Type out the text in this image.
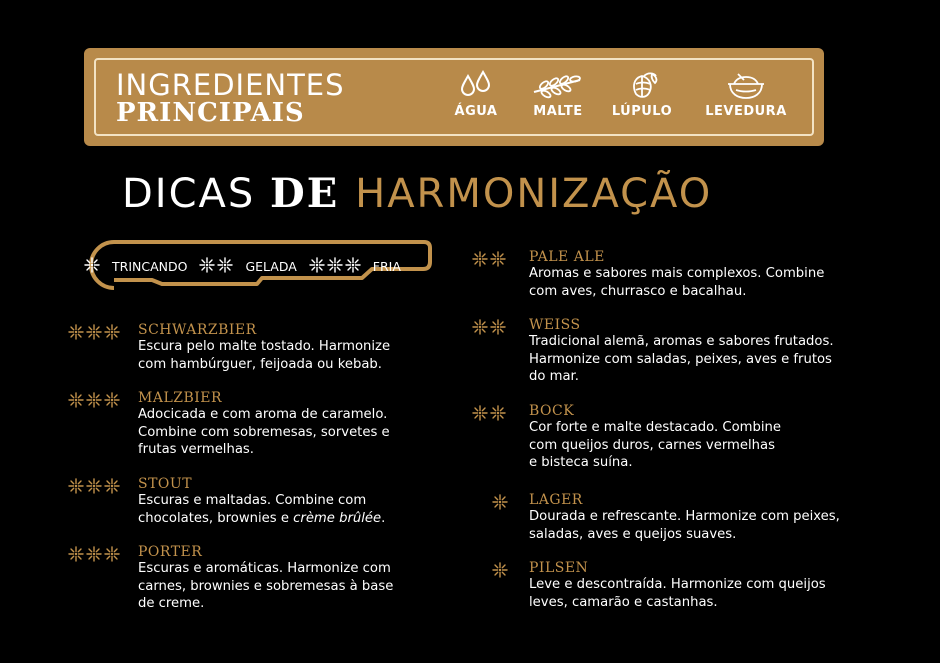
INGREDIENTES
PRINCIPAIS	ÁGUA	MALTE	LÚPULO	LEVEDURA
DICAS DE HARMONIZAÇÃO
TRINCANDO	GELADA	FRIA
SCHWARZBIER
Escura pelo malte tostado. Harmonize
com hambúrguer, feijoada ou kebab.
MALZBIER
Adocicada e com aroma de caramelo.
Combine com sobremesas, sorvetes e
frutas vermelhas.
STOUT
Escuras e maltadas. Combine com
chocolates, brownies e crème brûlée.
PORTER
Escuras e aromáticas. Harmonize com
carnes, brownies e sobremesas à base
de creme.
PALE ALE
Aromas e sabores mais complexos. Combine
com aves, churrasco e bacalhau.
WEISS
Tradicional alemã, aromas e sabores frutados.
Harmonize com saladas, peixes, aves e frutos
do mar.
BOCK
Cor forte e malte destacado. Combine
com queijos duros, carnes vermelhas
e bisteca suína.
LAGER
Dourada e refrescante. Harmonize com peixes,
saladas, aves e queijos suaves.
PILSEN
Leve e descontraída. Harmonize com queijos
leves, camarão e castanhas.
